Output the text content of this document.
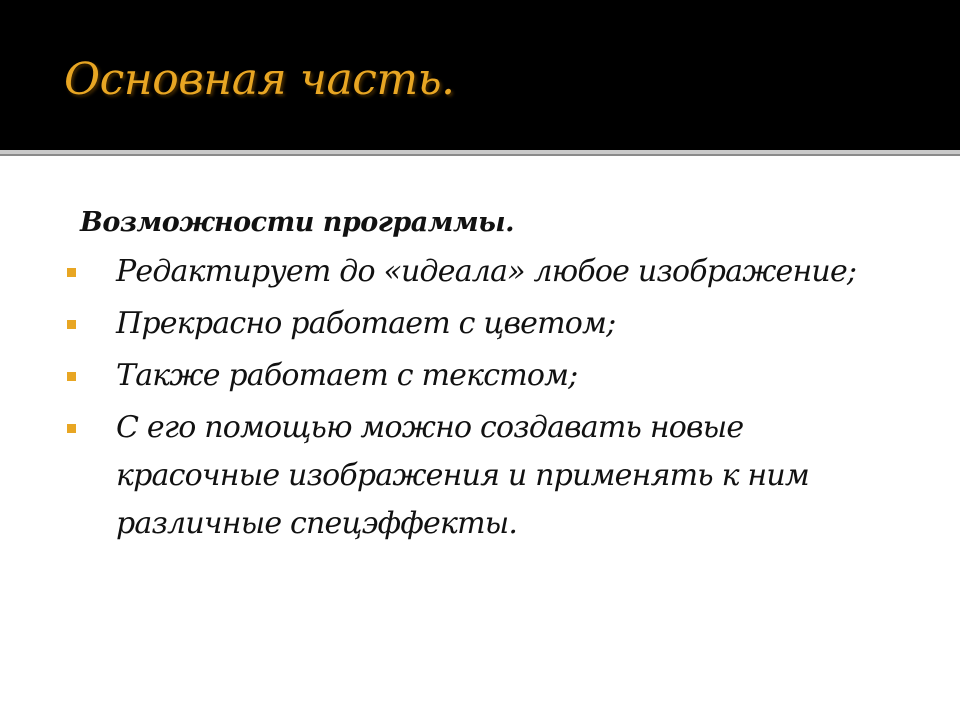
Основная часть.

Возможности программы.

Редактирует до «идеала» любое изображение;

Прекрасно работает с цветом;

Также работает с текстом;

С его помощью можно создавать новые красочные изображения и применять к ним различные спецэффекты.
